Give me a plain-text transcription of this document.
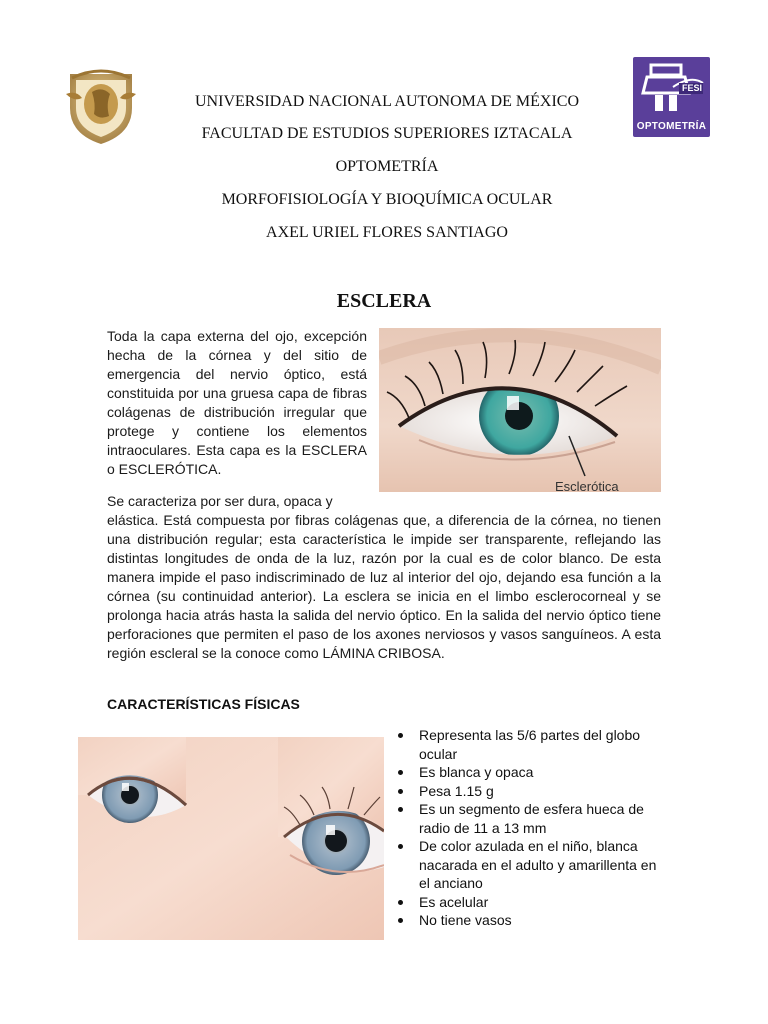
FESI
OPTOMETRÍA
UNIVERSIDAD NACIONAL AUTONOMA DE MÉXICO
FACULTAD DE ESTUDIOS SUPERIORES IZTACALA
OPTOMETRÍA
MORFOFISIOLOGÍA Y BIOQUÍMICA OCULAR
AXEL URIEL FLORES SANTIAGO
ESCLERA
Toda la capa externa del ojo, excepción hecha de la córnea y del sitio de emergencia del nervio óptico, está constituida por una gruesa capa de fibras colágenas de distribución irregular que protege y contiene los elementos intraoculares. Esta capa es la ESCLERA o ESCLERÓTICA.
Esclerótica
Se caracteriza por ser dura, opaca y
elástica. Está compuesta por fibras colágenas que, a diferencia de la córnea, no tienen una distribución regular; esta característica le impide ser transparente, reflejando las distintas longitudes de onda de la luz, razón por la cual es de color blanco. De esta manera impide el paso indiscriminado de luz al interior del ojo, dejando esa función a la córnea (su continuidad anterior). La esclera se inicia en el limbo esclerocorneal y se prolonga hacia atrás hasta la salida del nervio óptico. En la salida del nervio óptico tiene perforaciones que permiten el paso de los axones nerviosos y vasos sanguíneos. A esta región escleral se la conoce como LÁMINA CRIBOSA.
CARACTERÍSTICAS FÍSICAS
Representa las 5/6 partes del globo ocular
Es blanca y opaca
Pesa 1.15 g
Es un segmento de esfera hueca de radio de 11 a 13 mm
De color azulada en el niño, blanca nacarada en el adulto y amarillenta en el anciano
Es acelular
No tiene vasos
